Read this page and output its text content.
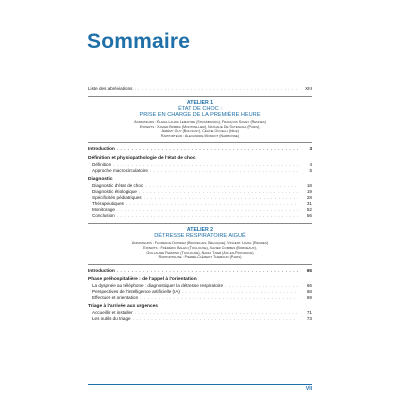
Sommaire
Liste des abréviations . . .	XIII
ATELIER 1
ÉTAT DE CHOC :
PRISE EN CHARGE DE LA PREMIÈRE HEURE
Animateurs : Elena-Laura Lemaitre (Strasbourg), François Sagey (Rennes)
Experts : Xavier Bobbia (Montpellier), Nathalie De Sutenaga (Paris),
Jérémy Guy (Bologny), Céline Occelli (Nice)
Rapporteur : Alexandre Mondot (Narbonne)
Introduction . . .	3
Définition et physiopathologie de l'état de choc
Définition . . .	4
Approche macrocirculatoire . . .	5
Diagnostic
Diagnostic d'état de choc . . .	18
Diagnostic étiologique . . .	19
Spécificités pédiatriques . . .	28
Thérapeutiques . . .	31
Monitorage . . .	52
Conclusion . . .	56
ATELIER 2
DÉTRESSE RESPIRATOIRE AIGUË
Animateurs : Florence Dupriez (Bruxelles, Belgique), Vincent Lavail (Rennes)
Experts : Frédéric Balen (Toulouse), Xavier Combes (Bordeaux),
Guillaume Fermino (Toulouse), Nadia Taieb (Aix-en-Provence)
Rapporteuse : Pierre-Clément Thiebaud (Paris)
Introduction . . .	65
Phase préhospitalière : de l'appel à l'orientation
La dyspnée au téléphone : diagnostiquer la détresse respiratoire . . .	66
Perspectives de l'intelligence artificielle (IA) . . .	68
Effectuer et orientation . . .	69
Triage à l'arrivée aux urgences
Accueillir et installer . . .	71
Les outils du triage . . .	73
VII
